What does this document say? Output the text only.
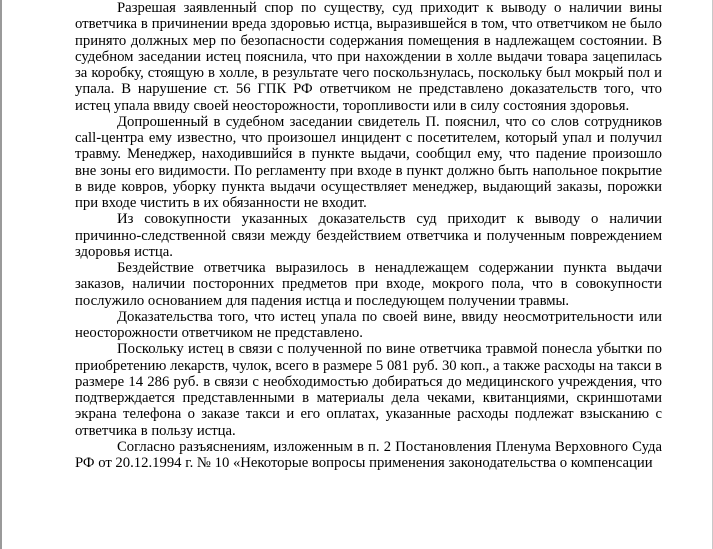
Разрешая заявленный спор по существу, суд приходит к выводу о наличии вины ответчика в причинении вреда здоровью истца, выразившейся в том, что ответчиком не было принято должных мер по безопасности содержания помещения в надлежащем состоянии. В судебном заседании истец пояснила, что при нахождении в холле выдачи товара зацепилась за коробку, стоящую в холле, в результате чего поскользнулась, поскольку был мокрый пол и упала. В нарушение ст. 56 ГПК РФ ответчиком не представлено доказательств того, что истец упала ввиду своей неосторожности, торопливости или в силу состояния здоровья.

Допрошенный в судебном заседании свидетель П. пояснил, что со слов сотрудников call-центра ему известно, что произошел инцидент с посетителем, который упал и получил травму. Менеджер, находившийся в пункте выдачи, сообщил ему, что падение произошло вне зоны его видимости. По регламенту при входе в пункт должно быть напольное покрытие в виде ковров, уборку пункта выдачи осуществляет менеджер, выдающий заказы, порожки при входе чистить в их обязанности не входит.

Из совокупности указанных доказательств суд приходит к выводу о наличии причинно-следственной связи между бездействием ответчика и полученным повреждением здоровья истца.

Бездействие ответчика выразилось в ненадлежащем содержании пункта выдачи заказов, наличии посторонних предметов при входе, мокрого пола, что в совокупности послужило основанием для падения истца и последующем получении травмы.

Доказательства того, что истец упала по своей вине, ввиду неосмотрительности или неосторожности ответчиком не представлено.

Поскольку истец в связи с полученной по вине ответчика травмой понесла убытки по приобретению лекарств, чулок, всего в размере 5 081 руб. 30 коп., а также расходы на такси в размере 14 286 руб. в связи с необходимостью добираться до медицинского учреждения, что подтверждается представленными в материалы дела чеками, квитанциями, скриншотами экрана телефона о заказе такси и его оплатах, указанные расходы подлежат взысканию с ответчика в пользу истца.

Согласно разъяснениям, изложенным в п. 2 Постановления Пленума Верховного Суда РФ от 20.12.1994 г. № 10 «Некоторые вопросы применения законодательства о компенсации
